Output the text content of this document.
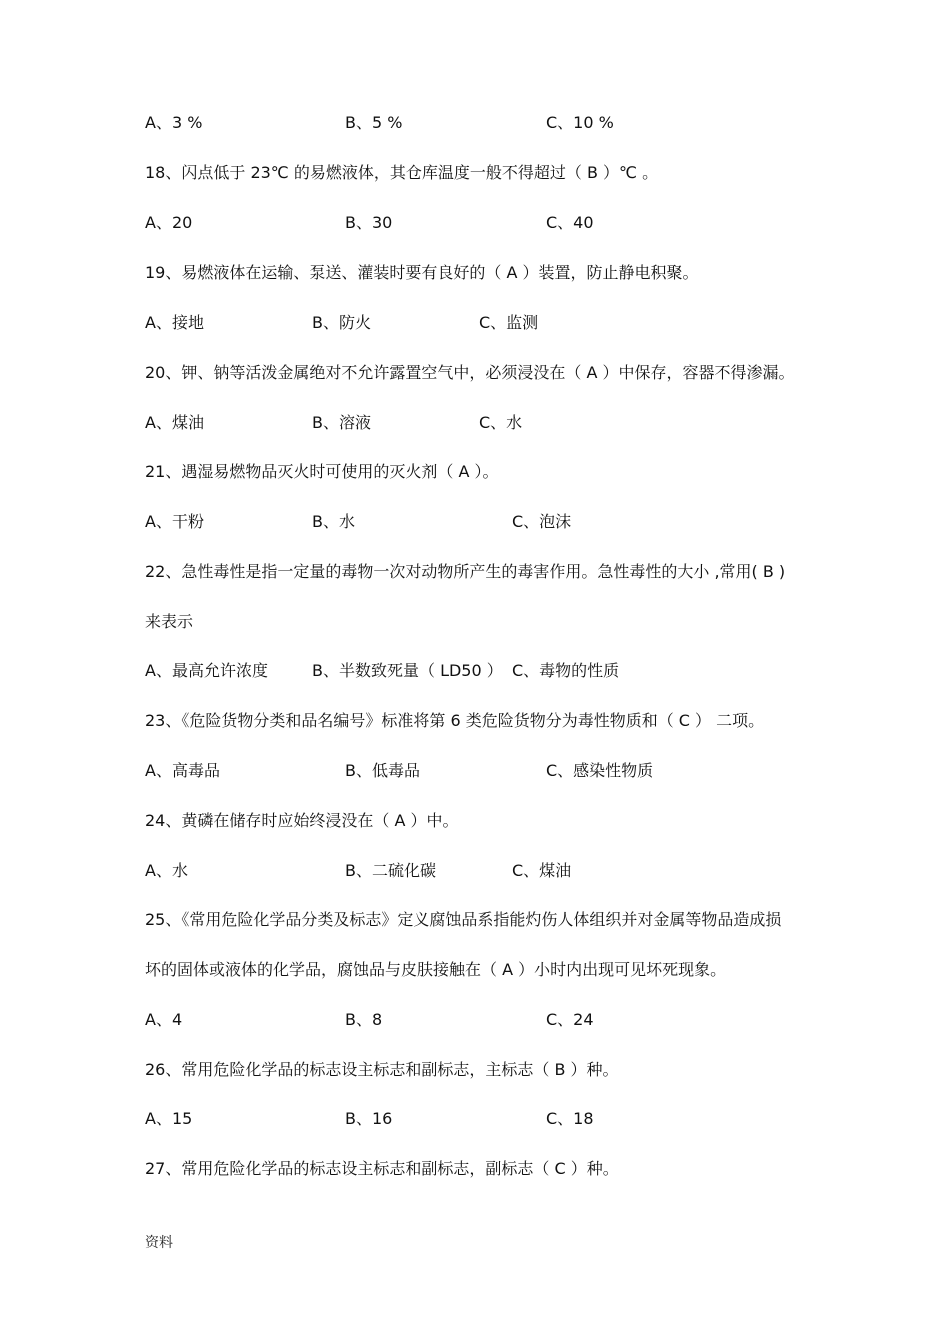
A、3 %	B、5 %	C、10 %
18、闪点低于 23℃ 的易燃液体，其仓库温度一般不得超过（ B ）℃ 。
A、20	B、30	C、40
19、易燃液体在运输、泵送、灌装时要有良好的（ A ）装置，防止静电积聚。
A、接地	B、防火	C、监测
20、钾、钠等活泼金属绝对不允许露置空气中，必须浸没在（ A ）中保存，容器不得渗漏。
A、煤油	B、溶液	C、水
21、遇湿易燃物品灭火时可使用的灭火剂（ A ）。
A、干粉	B、水	C、泡沫
22、急性毒性是指一定量的毒物一次对动物所产生的毒害作用。急性毒性的大小 ,常用( B )
来表示
A、最高允许浓度	B、半数致死量（ LD50 ） C、毒物的性质
23、《危险货物分类和品名编号》标准将第 6 类危险货物分为毒性物质和（ C ） 二项。
A、高毒品	B、低毒品	C、感染性物质
24、黄磷在储存时应始终浸没在（ A ）中。
A、水	B、二硫化碳	C、煤油
25、《常用危险化学品分类及标志》定义腐蚀品系指能灼伤人体组织并对金属等物品造成损
坏的固体或液体的化学品，腐蚀品与皮肤接触在（ A ）小时内出现可见坏死现象。
A、4	B、8	C、24
26、常用危险化学品的标志设主标志和副标志，主标志（ B ）种。
A、15	B、16	C、18
27、常用危险化学品的标志设主标志和副标志，副标志（ C ）种。
资料
